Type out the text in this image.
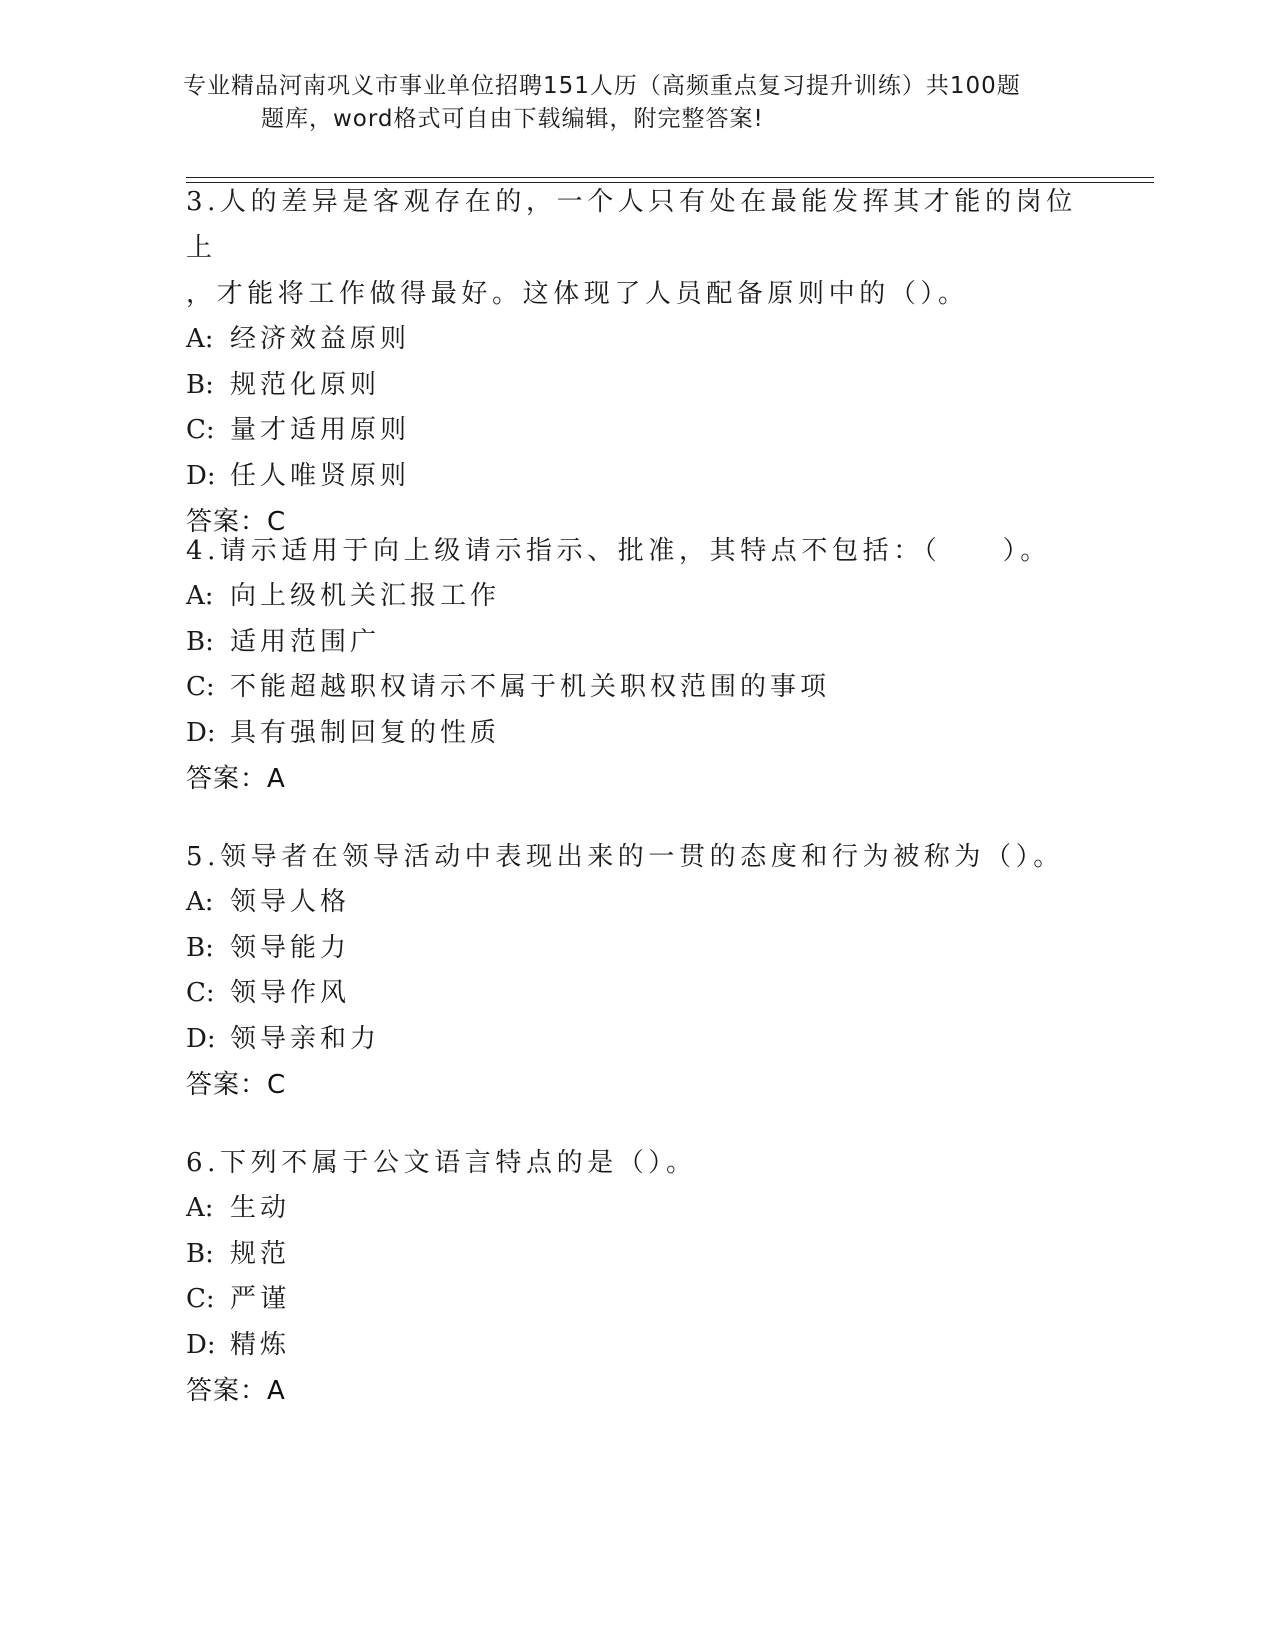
专业精品河南巩义市事业单位招聘151人历（高频重点复习提升训练）共100题
题库，word格式可自由下载编辑，附完整答案!
3.人的差异是客观存在的，一个人只有处在最能发挥其才能的岗位上
，才能将工作做得最好。这体现了人员配备原则中的（）。
A: 经济效益原则
B: 规范化原则
C: 量才适用原则
D: 任人唯贤原则
答案：C
4.请示适用于向上级请示指示、批准，其特点不包括：（　　）。
A: 向上级机关汇报工作
B: 适用范围广
C: 不能超越职权请示不属于机关职权范围的事项
D: 具有强制回复的性质
答案：A
5.领导者在领导活动中表现出来的一贯的态度和行为被称为（）。
A: 领导人格
B: 领导能力
C: 领导作风
D: 领导亲和力
答案：C
6.下列不属于公文语言特点的是（）。
A: 生动
B: 规范
C: 严谨
D: 精炼
答案：A
